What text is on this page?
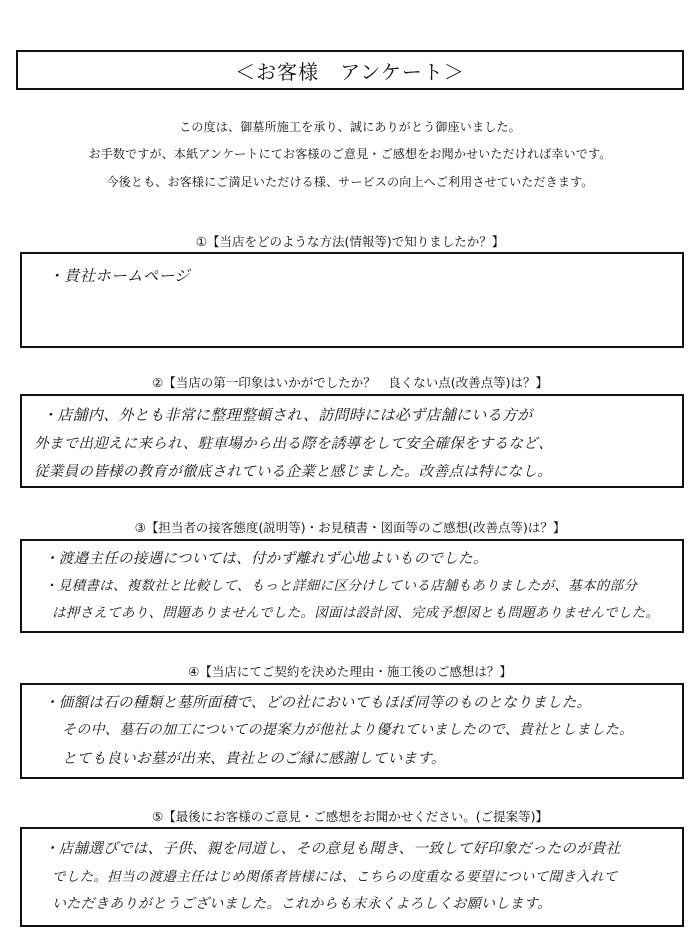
＜お客様　アンケート＞
この度は、御墓所施工を承り、誠にありがとう御座いました。
お手数ですが、本紙アンケートにてお客様のご意見・ご感想をお聞かせいただければ幸いです。
今後とも、お客様にご満足いただける様、サービスの向上へご利用させていただきます。
①【当店をどのような方法(情報等)で知りましたか？】
・貴社ホームページ
②【当店の第一印象はいかがでしたか？　良くない点(改善点等)は？】
・店舗内、外とも非常に整理整頓され、訪問時には必ず店舗にいる方が
外まで出迎えに来られ、駐車場から出る際を誘導をして安全確保をするなど、
従業員の皆様の教育が徹底されている企業と感じました。改善点は特になし。
③【担当者の接客態度(説明等)・お見積書・図面等のご感想(改善点等)は？】
・渡邉主任の接遇については、付かず離れず心地よいものでした。
・見積書は、複数社と比較して、もっと詳細に区分けしている店舗もありましたが、基本的部分
は押さえてあり、問題ありませんでした。図面は設計図、完成予想図とも問題ありませんでした。
④【当店にてご契約を決めた理由・施工後のご感想は？】
・価額は石の種類と墓所面積で、どの社においてもほぼ同等のものとなりました。
その中、墓石の加工についての提案力が他社より優れていましたので、貴社としました。
とても良いお墓が出来、貴社とのご縁に感謝しています。
⑤【最後にお客様のご意見・ご感想をお聞かせください。(ご提案等)】
・店舗選びでは、子供、親を同道し、その意見も聞き、一致して好印象だったのが貴社
でした。担当の渡邉主任はじめ関係者皆様には、こちらの度重なる要望について聞き入れて
いただきありがとうございました。これからも末永くよろしくお願いします。
